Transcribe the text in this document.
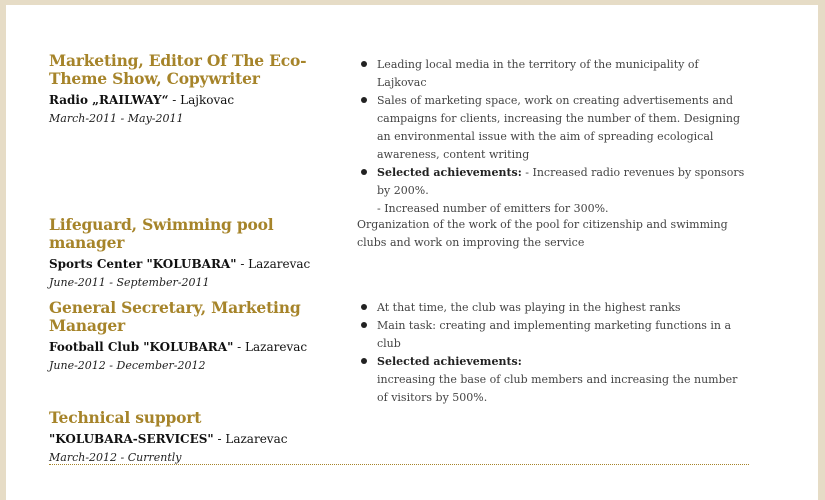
Marketing, Editor Of The Eco-Theme Show, Copywriter
Radio „RAILWAY“ - Lajkovac
March-2011 - May-2011
Leading local media in the territory of the municipality of Lajkovac
Sales of marketing space, work on creating advertisements and campaigns for clients, increasing the number of them. Designing an environmental issue with the aim of spreading ecological awareness, content writing
Selected achievements: - Increased radio revenues by sponsors by 200%.
- Increased number of emitters for 300%.
Lifeguard, Swimming pool manager
Sports Center "KOLUBARA" - Lazarevac
June-2011 - September-2011
Organization of the work of the pool for citizenship and swimming clubs and work on improving the service
General Secretary, Marketing Manager
Football Club "KOLUBARA" - Lazarevac
June-2012 - December-2012
At that time, the club was playing in the highest ranks
Main task: creating and implementing marketing functions in a club
Selected achievements:
increasing the base of club members and increasing the number of visitors by 500%.
Technical support
"KOLUBARA-SERVICES" - Lazarevac
March-2012 - Currently
